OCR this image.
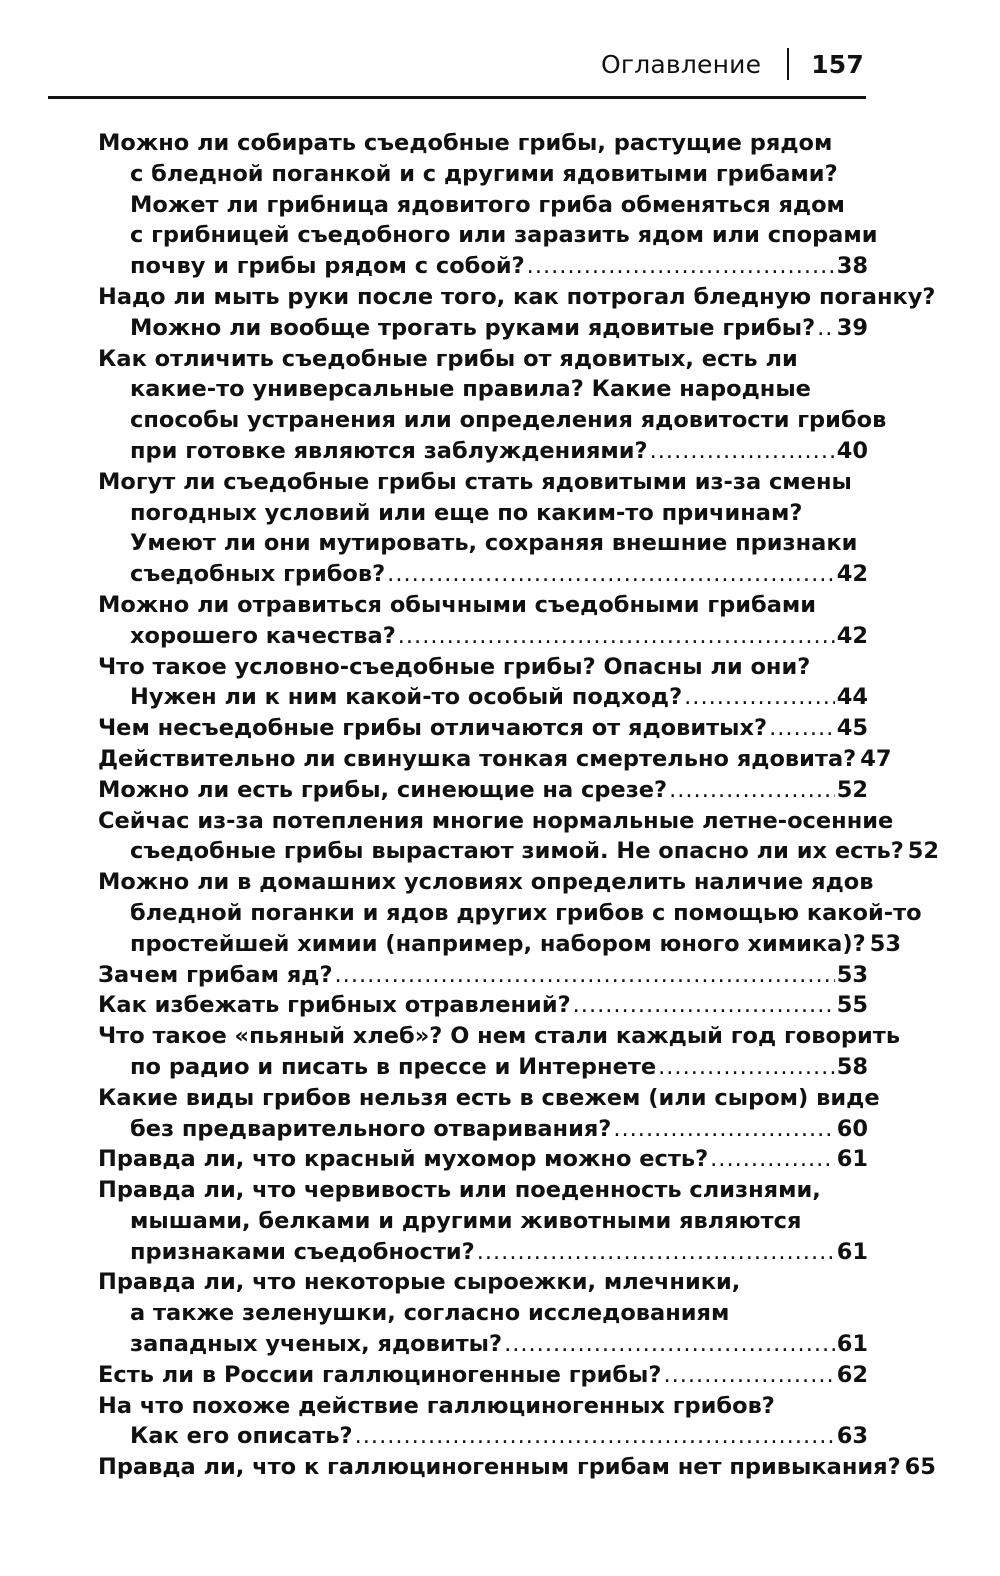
Оглавление 157
Можно ли собирать съедобные грибы, растущие рядом
с бледной поганкой и с другими ядовитыми грибами?
Может ли грибница ядовитого гриба обменяться ядом
с грибницей съедобного или заразить ядом или спорами
почву и грибы рядом с собой? .....	38
Надо ли мыть руки после того, как потрогал бледную поганку?
Можно ли вообще трогать руками ядовитые грибы? ..... 39
Как отличить съедобные грибы от ядовитых, есть ли
какие-то универсальные правила? Какие народные
способы устранения или определения ядовитости грибов
при готовке являются заблуждениями? .....	40
Могут ли съедобные грибы стать ядовитыми из-за смены
погодных условий или еще по каким-то причинам?
Умеют ли они мутировать, сохраняя внешние признаки
съедобных грибов? .....	42
Можно ли отравиться обычными съедобными грибами
хорошего качества? .....	42
Что такое условно-съедобные грибы? Опасны ли они?
Нужен ли к ним какой-то особый подход? .....	44
Чем несъедобные грибы отличаются от ядовитых? .....	45
Действительно ли свинушка тонкая смертельно ядовита? 47
Можно ли есть грибы, синеющие на срезе? .....	52
Сейчас из-за потепления многие нормальные летне-осенние
съедобные грибы вырастают зимой. Не опасно ли их есть? 52
Можно ли в домашних условиях определить наличие ядов
бледной поганки и ядов других грибов с помощью какой-то
простейшей химии (например, набором юного химика)? 53
Зачем грибам яд? .....	53
Как избежать грибных отравлений? .....	55
Что такое «пьяный хлеб»? О нем стали каждый год говорить
по радио и писать в прессе и Интернете .....	58
Какие виды грибов нельзя есть в свежем (или сыром) виде
без предварительного отваривания? .....	60
Правда ли, что красный мухомор можно есть? .....	61
Правда ли, что червивость или поеденность слизнями,
мышами, белками и другими животными являются
признаками съедобности? .....	61
Правда ли, что некоторые сыроежки, млечники,
а также зеленушки, согласно исследованиям
западных ученых, ядовиты? .....	61
Есть ли в России галлюциногенные грибы? .....	62
На что похоже действие галлюциногенных грибов?
Как его описать? .....	63
Правда ли, что к галлюциногенным грибам нет привыкания? 65
